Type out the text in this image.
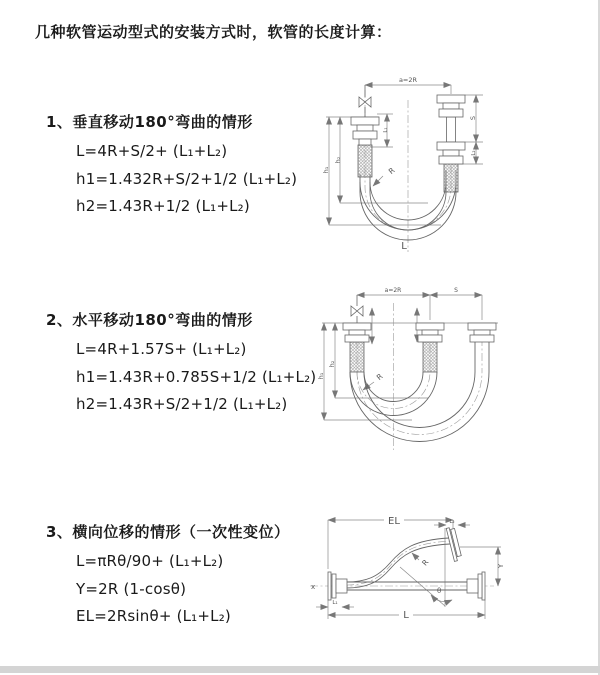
几种软管运动型式的安装方式时，软管的长度计算：
1、垂直移动180°弯曲的情形
L=4R+S/2+ (L₁+L₂)
h1=1.432R+S/2+1/2 (L₁+L₂)
h2=1.43R+1/2 (L₁+L₂)
2、水平移动180°弯曲的情形
L=4R+1.57S+ (L₁+L₂)
h1=1.43R+0.785S+1/2 (L₁+L₂)
h2=1.43R+S/2+1/2 (L₁+L₂)
3、横向位移的情形（一次性变位）
L=πRθ/90+ (L₁+L₂)
Y=2R (1-cosθ)
EL=2Rsinθ+ (L₁+L₂)
a=2R
h₁
h₂
L₁
S
L₂
R
L
a=2R	S
h₁
h₂
R
EL	L₂
Y
L
L₁
R
θ
x
